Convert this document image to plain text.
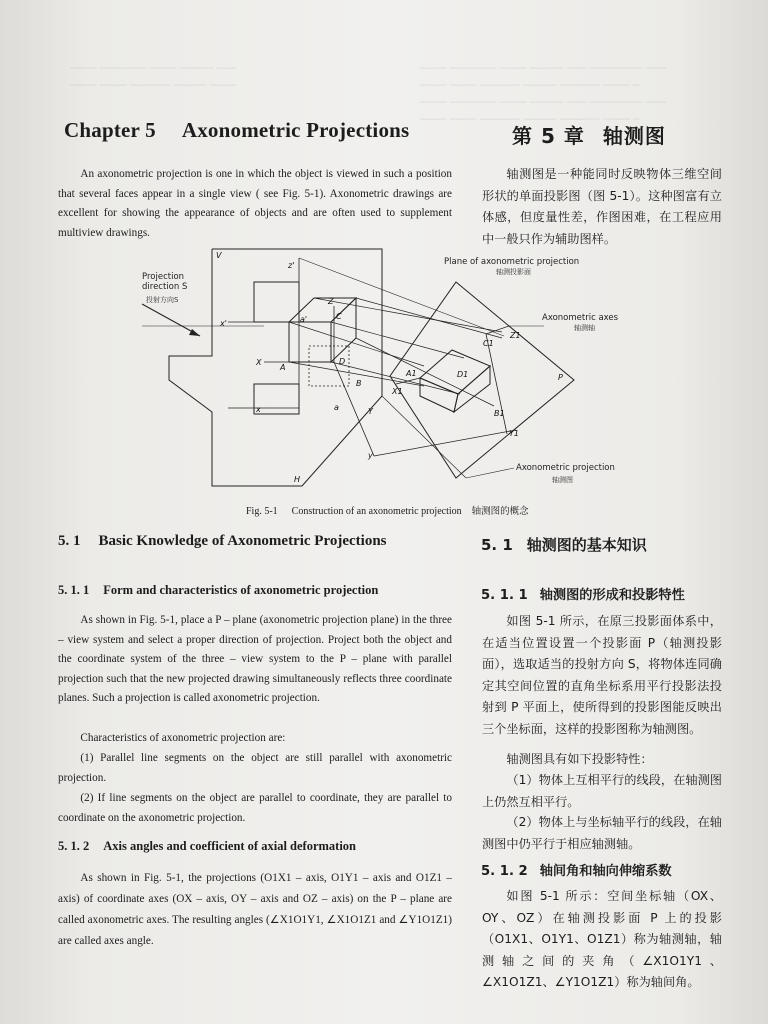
──── ─────── ──── ───── ─── ──────── ───
──── ──── ────── ───── ────── ──── ─
──── ─────── ──── ───── ─── ──────── ───
──── ──── ────── ───── ────── ──── ─
──── ─────── ──── ───── ───
──── ──── ────── ───── ────
Chapter 5 Axonometric Projections	第 5 章 轴测图

An axonometric projection is one in which the object is viewed in such a position that several faces appear in a single view ( see Fig. 5-1). Axonometric drawings are excellent for showing the appearance of objects and are often used to supplement multiview drawings.

轴测图是一种能同时反映物体三维空间形状的单面投影图（图 5-1）。这种图富有立体感，但度量性差，作图困难，在工程应用中一般只作为辅助图样。

Projection
direction S
投射方向S
V
H
z'
x'	a'	C
D
X
A
B
Y
Z
x	a
y
A1
X1
D1
B1
C1
Z1
Y1
P
Plane of axonometric projection
轴测投影面
Axonometric axes
轴测轴
Axonometric projection
轴测图

Fig. 5-1 Construction of an axonometric projection 轴测图的概念

5. 1 Basic Knowledge of Axonometric Projections	5. 1 轴测图的基本知识
5. 1. 1 Form and characteristics of axonometric projection	5. 1. 1 轴测图的形成和投影特性

As shown in Fig. 5-1, place a P – plane (axonometric projection plane) in the three – view system and select a proper direction of projection. Project both the object and the coordinate system of the three – view system to the P – plane with parallel projection such that the new projected drawing simultaneously reflects three coordinate planes. Such a projection is called axonometric projection.

Characteristics of axonometric projection are:

(1) Parallel line segments on the object are still parallel with axonometric projection.

(2) If line segments on the object are parallel to coordinate, they are parallel to coordinate on the axonometric projection.

如图 5-1 所示，在原三投影面体系中，在适当位置设置一个投影面 P（轴测投影面），选取适当的投射方向 S，将物体连同确定其空间位置的直角坐标系用平行投影法投射到 P 平面上，使所得到的投影图能反映出三个坐标面，这样的投影图称为轴测图。

轴测图具有如下投影特性：

（1）物体上互相平行的线段，在轴测图上仍然互相平行。

（2）物体上与坐标轴平行的线段，在轴测图中仍平行于相应轴测轴。

5. 1. 2 Axis angles and coefficient of axial deformation
5. 1. 2 轴间角和轴向伸缩系数

As shown in Fig. 5-1, the projections (O1X1 – axis, O1Y1 – axis and O1Z1 – axis) of coordinate axes (OX – axis, OY – axis and OZ – axis) on the P – plane are called axonometric axes. The resulting angles (∠X1O1Y1, ∠X1O1Z1 and ∠Y1O1Z1) are called axes angle.

如图 5-1 所示：空间坐标轴（OX、OY、OZ）在轴测投影面 P 上的投影（O1X1、O1Y1、O1Z1）称为轴测轴，轴测轴之间的夹角（∠X1O1Y1、∠X1O1Z1、∠Y1O1Z1）称为轴间角。
